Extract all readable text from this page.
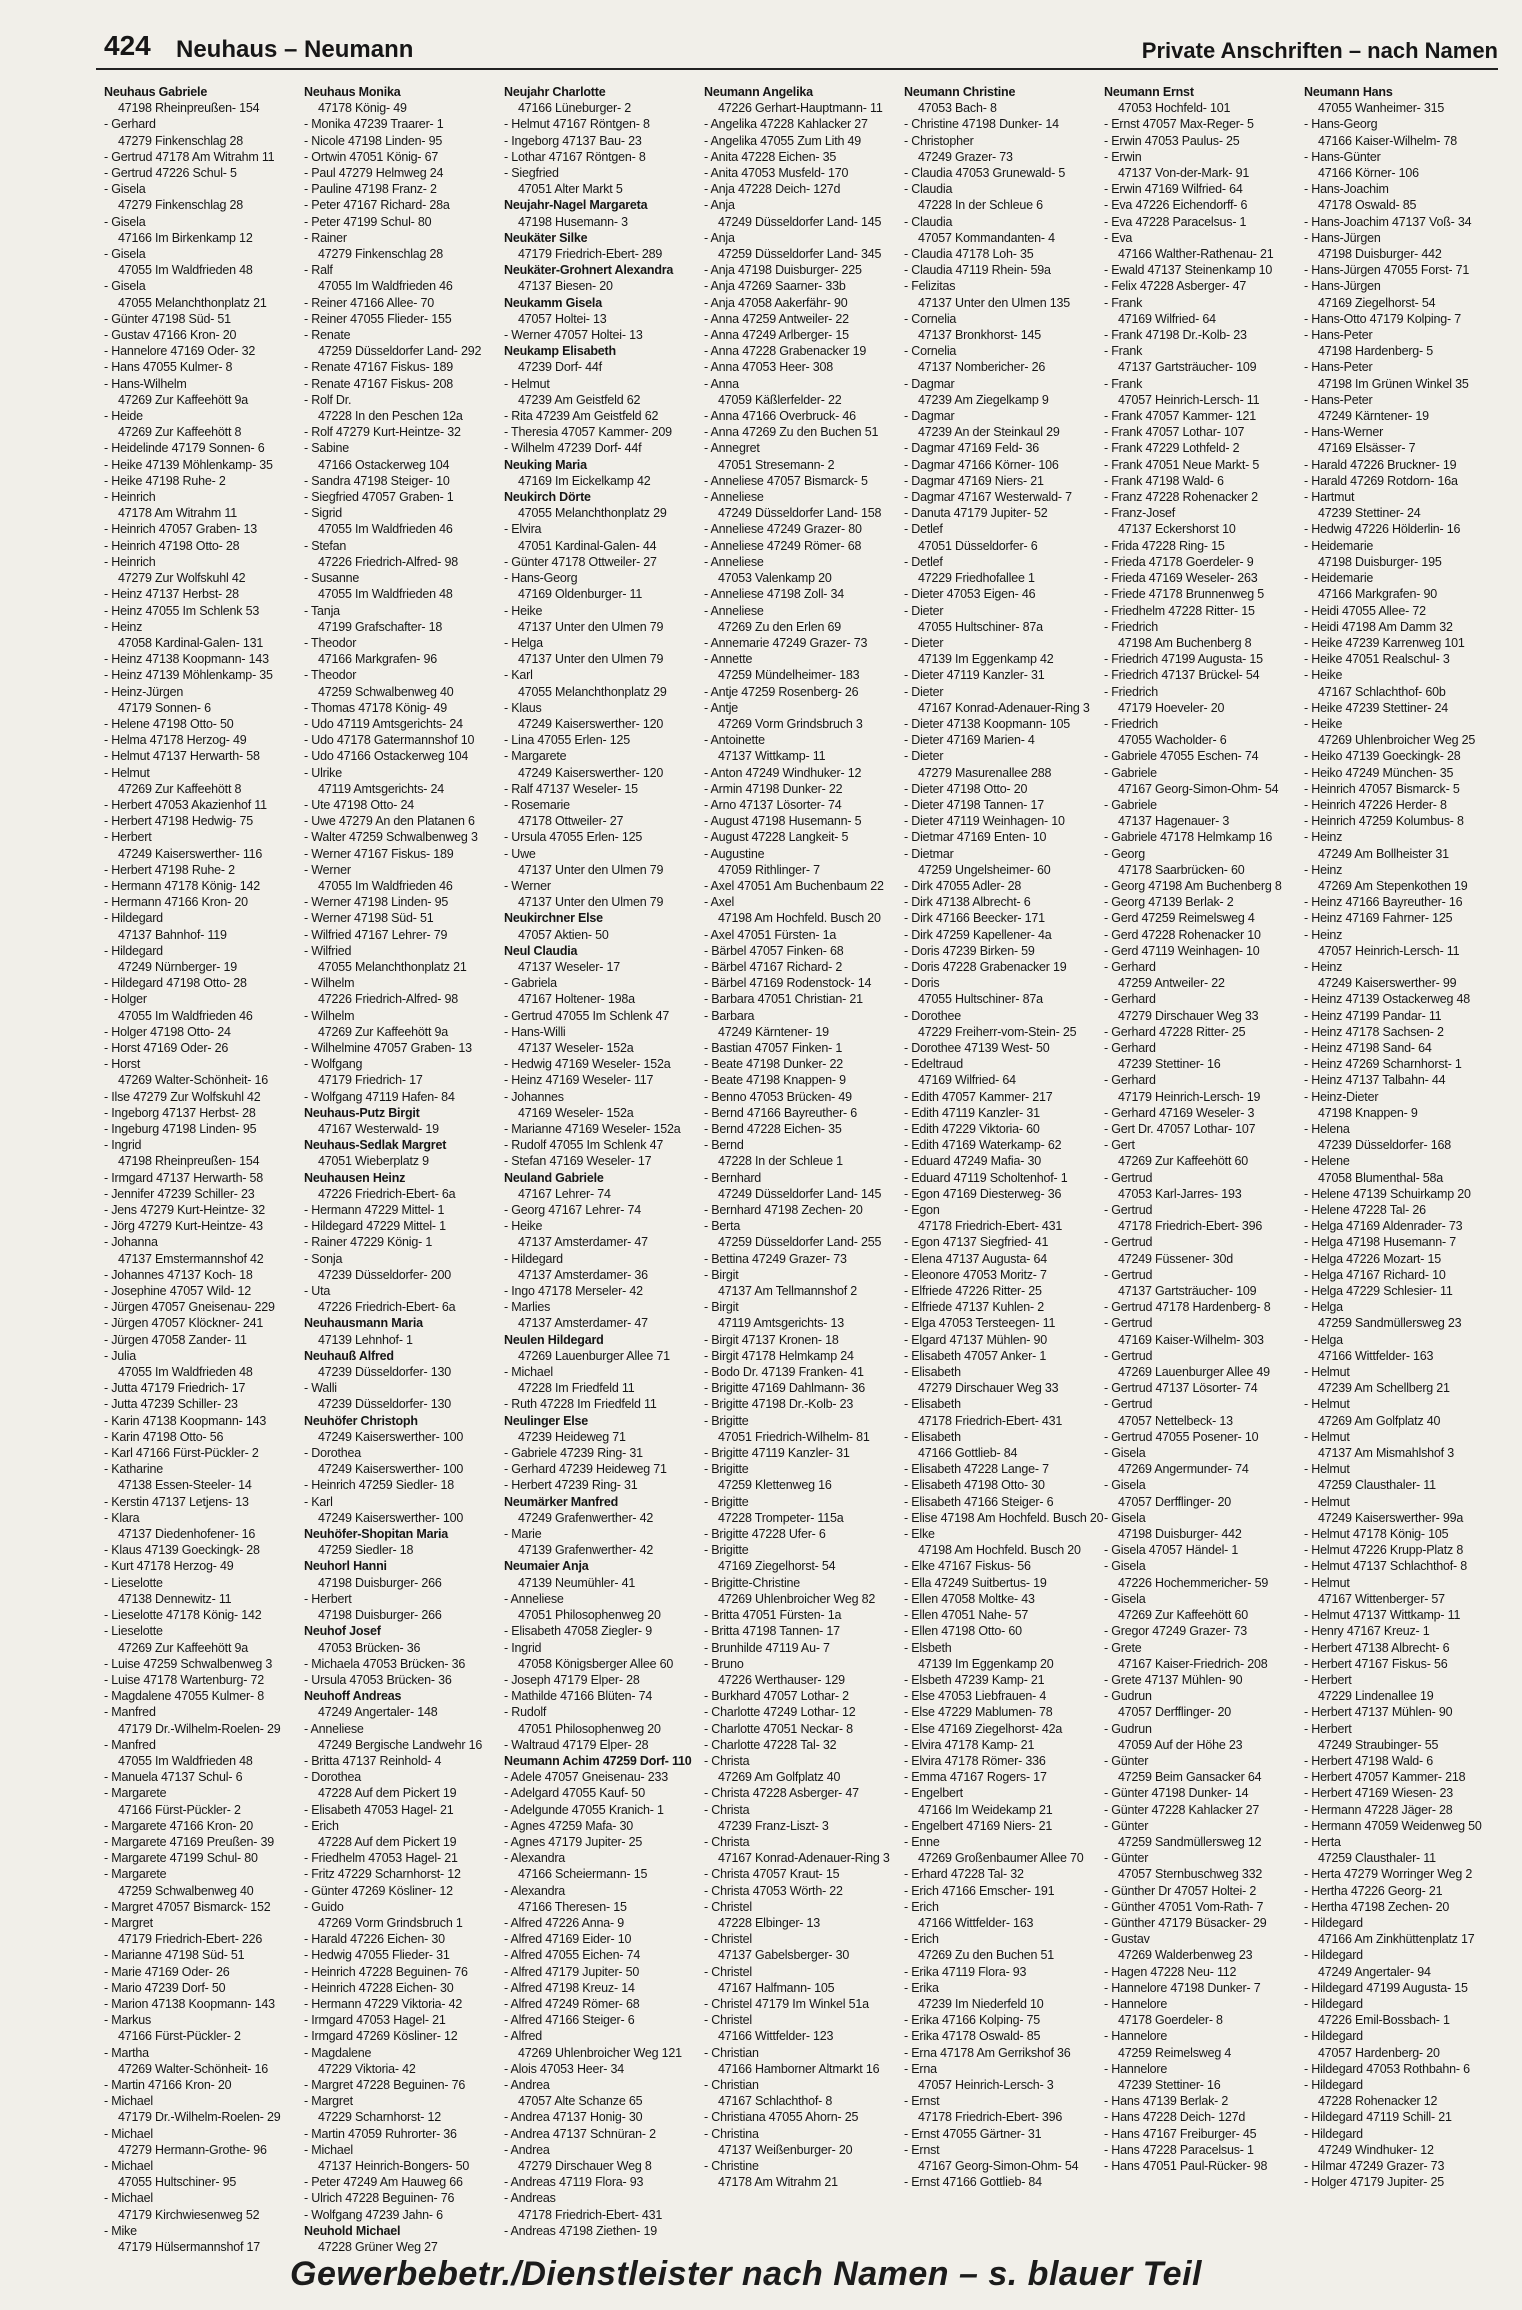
424 Neuhaus – Neumann	Private Anschriften – nach Namen
Neuhaus Gabriele
47198 Rheinpreußen- 154
- Gerhard
47279 Finkenschlag 28
- Gertrud 47178 Am Witrahm 11
- Gertrud 47226 Schul- 5
- Gisela
47279 Finkenschlag 28
- Gisela
47166 Im Birkenkamp 12
- Gisela
47055 Im Waldfrieden 48
- Gisela
47055 Melanchthonplatz 21
- Günter 47198 Süd- 51
- Gustav 47166 Kron- 20
- Hannelore 47169 Oder- 32
- Hans 47055 Kulmer- 8
- Hans-Wilhelm
47269 Zur Kaffeehött 9a
- Heide
47269 Zur Kaffeehött 8
- Heidelinde 47179 Sonnen- 6
- Heike 47139 Möhlenkamp- 35
- Heike 47198 Ruhe- 2
- Heinrich
47178 Am Witrahm 11
- Heinrich 47057 Graben- 13
- Heinrich 47198 Otto- 28
- Heinrich
47279 Zur Wolfskuhl 42
- Heinz 47137 Herbst- 28
- Heinz 47055 Im Schlenk 53
- Heinz
47058 Kardinal-Galen- 131
- Heinz 47138 Koopmann- 143
- Heinz 47139 Möhlenkamp- 35
- Heinz-Jürgen
47179 Sonnen- 6
- Helene 47198 Otto- 50
- Helma 47178 Herzog- 49
- Helmut 47137 Herwarth- 58
- Helmut
47269 Zur Kaffeehött 8
- Herbert 47053 Akazienhof 11
- Herbert 47198 Hedwig- 75
- Herbert
47249 Kaiserswerther- 116
- Herbert 47198 Ruhe- 2
- Hermann 47178 König- 142
- Hermann 47166 Kron- 20
- Hildegard
47137 Bahnhof- 119
- Hildegard
47249 Nürnberger- 19
- Hildegard 47198 Otto- 28
- Holger
47055 Im Waldfrieden 46
- Holger 47198 Otto- 24
- Horst 47169 Oder- 26
- Horst
47269 Walter-Schönheit- 16
- Ilse 47279 Zur Wolfskuhl 42
- Ingeborg 47137 Herbst- 28
- Ingeburg 47198 Linden- 95
- Ingrid
47198 Rheinpreußen- 154
- Irmgard 47137 Herwarth- 58
- Jennifer 47239 Schiller- 23
- Jens 47279 Kurt-Heintze- 32
- Jörg 47279 Kurt-Heintze- 43
- Johanna
47137 Emstermannshof 42
- Johannes 47137 Koch- 18
- Josephine 47057 Wild- 12
- Jürgen 47057 Gneisenau- 229
- Jürgen 47057 Klöckner- 241
- Jürgen 47058 Zander- 11
- Julia
47055 Im Waldfrieden 48
- Jutta 47179 Friedrich- 17
- Jutta 47239 Schiller- 23
- Karin 47138 Koopmann- 143
- Karin 47198 Otto- 56
- Karl 47166 Fürst-Pückler- 2
- Katharine
47138 Essen-Steeler- 14
- Kerstin 47137 Letjens- 13
- Klara
47137 Diedenhofener- 16
- Klaus 47139 Goeckingk- 28
- Kurt 47178 Herzog- 49
- Lieselotte
47138 Dennewitz- 11
- Lieselotte 47178 König- 142
- Lieselotte
47269 Zur Kaffeehött 9a
- Luise 47259 Schwalbenweg 3
- Luise 47178 Wartenburg- 72
- Magdalene 47055 Kulmer- 8
- Manfred
47179 Dr.-Wilhelm-Roelen- 29
- Manfred
47055 Im Waldfrieden 48
- Manuela 47137 Schul- 6
- Margarete
47166 Fürst-Pückler- 2
- Margarete 47166 Kron- 20
- Margarete 47169 Preußen- 39
- Margarete 47199 Schul- 80
- Margarete
47259 Schwalbenweg 40
- Margret 47057 Bismarck- 152
- Margret
47179 Friedrich-Ebert- 226
- Marianne 47198 Süd- 51
- Marie 47169 Oder- 26
- Mario 47239 Dorf- 50
- Marion 47138 Koopmann- 143
- Markus
47166 Fürst-Pückler- 2
- Martha
47269 Walter-Schönheit- 16
- Martin 47166 Kron- 20
- Michael
47179 Dr.-Wilhelm-Roelen- 29
- Michael
47279 Hermann-Grothe- 96
- Michael
47055 Hultschiner- 95
- Michael
47179 Kirchwiesenweg 52
- Mike
47179 Hülsermannshof 17
Neuhaus Monika
47178 König- 49
- Monika 47239 Traarer- 1
- Nicole 47198 Linden- 95
- Ortwin 47051 König- 67
- Paul 47279 Helmweg 24
- Pauline 47198 Franz- 2
- Peter 47167 Richard- 28a
- Peter 47199 Schul- 80
- Rainer
47279 Finkenschlag 28
- Ralf
47055 Im Waldfrieden 46
- Reiner 47166 Allee- 70
- Reiner 47055 Flieder- 155
- Renate
47259 Düsseldorfer Land- 292
- Renate 47167 Fiskus- 189
- Renate 47167 Fiskus- 208
- Rolf Dr.
47228 In den Peschen 12a
- Rolf 47279 Kurt-Heintze- 32
- Sabine
47166 Ostackerweg 104
- Sandra 47198 Steiger- 10
- Siegfried 47057 Graben- 1
- Sigrid
47055 Im Waldfrieden 46
- Stefan
47226 Friedrich-Alfred- 98
- Susanne
47055 Im Waldfrieden 48
- Tanja
47199 Grafschafter- 18
- Theodor
47166 Markgrafen- 96
- Theodor
47259 Schwalbenweg 40
- Thomas 47178 König- 49
- Udo 47119 Amtsgerichts- 24
- Udo 47178 Gatermannshof 10
- Udo 47166 Ostackerweg 104
- Ulrike
47119 Amtsgerichts- 24
- Ute 47198 Otto- 24
- Uwe 47279 An den Platanen 6
- Walter 47259 Schwalbenweg 3
- Werner 47167 Fiskus- 189
- Werner
47055 Im Waldfrieden 46
- Werner 47198 Linden- 95
- Werner 47198 Süd- 51
- Wilfried 47167 Lehrer- 79
- Wilfried
47055 Melanchthonplatz 21
- Wilhelm
47226 Friedrich-Alfred- 98
- Wilhelm
47269 Zur Kaffeehött 9a
- Wilhelmine 47057 Graben- 13
- Wolfgang
47179 Friedrich- 17
- Wolfgang 47119 Hafen- 84
Neuhaus-Putz Birgit
47167 Westerwald- 19
Neuhaus-Sedlak Margret
47051 Wieberplatz 9
Neuhausen Heinz
47226 Friedrich-Ebert- 6a
- Hermann 47229 Mittel- 1
- Hildegard 47229 Mittel- 1
- Rainer 47229 König- 1
- Sonja
47239 Düsseldorfer- 200
- Uta
47226 Friedrich-Ebert- 6a
Neuhausmann Maria
47139 Lehnhof- 1
Neuhauß Alfred
47239 Düsseldorfer- 130
- Walli
47239 Düsseldorfer- 130
Neuhöfer Christoph
47249 Kaiserswerther- 100
- Dorothea
47249 Kaiserswerther- 100
- Heinrich 47259 Siedler- 18
- Karl
47249 Kaiserswerther- 100
Neuhöfer-Shopitan Maria
47259 Siedler- 18
Neuhorl Hanni
47198 Duisburger- 266
- Herbert
47198 Duisburger- 266
Neuhof Josef
47053 Brücken- 36
- Michaela 47053 Brücken- 36
- Ursula 47053 Brücken- 36
Neuhoff Andreas
47249 Angertaler- 148
- Anneliese
47249 Bergische Landwehr 16
- Britta 47137 Reinhold- 4
- Dorothea
47228 Auf dem Pickert 19
- Elisabeth 47053 Hagel- 21
- Erich
47228 Auf dem Pickert 19
- Friedhelm 47053 Hagel- 21
- Fritz 47229 Scharnhorst- 12
- Günter 47269 Kösliner- 12
- Guido
47269 Vorm Grindsbruch 1
- Harald 47226 Eichen- 30
- Hedwig 47055 Flieder- 31
- Heinrich 47228 Beguinen- 76
- Heinrich 47228 Eichen- 30
- Hermann 47229 Viktoria- 42
- Irmgard 47053 Hagel- 21
- Irmgard 47269 Kösliner- 12
- Magdalene
47229 Viktoria- 42
- Margret 47228 Beguinen- 76
- Margret
47229 Scharnhorst- 12
- Martin 47059 Ruhrorter- 36
- Michael
47137 Heinrich-Bongers- 50
- Peter 47249 Am Hauweg 66
- Ulrich 47228 Beguinen- 76
- Wolfgang 47239 Jahn- 6
Neuhold Michael
47228 Grüner Weg 27
Neujahr Charlotte
47166 Lüneburger- 2
- Helmut 47167 Röntgen- 8
- Ingeborg 47137 Bau- 23
- Lothar 47167 Röntgen- 8
- Siegfried
47051 Alter Markt 5
Neujahr-Nagel Margareta
47198 Husemann- 3
Neukäter Silke
47179 Friedrich-Ebert- 289
Neukäter-Grohnert Alexandra
47137 Biesen- 20
Neukamm Gisela
47057 Holtei- 13
- Werner 47057 Holtei- 13
Neukamp Elisabeth
47239 Dorf- 44f
- Helmut
47239 Am Geistfeld 62
- Rita 47239 Am Geistfeld 62
- Theresia 47057 Kammer- 209
- Wilhelm 47239 Dorf- 44f
Neuking Maria
47169 Im Eickelkamp 42
Neukirch Dörte
47055 Melanchthonplatz 29
- Elvira
47051 Kardinal-Galen- 44
- Günter 47178 Ottweiler- 27
- Hans-Georg
47169 Oldenburger- 11
- Heike
47137 Unter den Ulmen 79
- Helga
47137 Unter den Ulmen 79
- Karl
47055 Melanchthonplatz 29
- Klaus
47249 Kaiserswerther- 120
- Lina 47055 Erlen- 125
- Margarete
47249 Kaiserswerther- 120
- Ralf 47137 Weseler- 15
- Rosemarie
47178 Ottweiler- 27
- Ursula 47055 Erlen- 125
- Uwe
47137 Unter den Ulmen 79
- Werner
47137 Unter den Ulmen 79
Neukirchner Else
47057 Aktien- 50
Neul Claudia
47137 Weseler- 17
- Gabriela
47167 Holtener- 198a
- Gertrud 47055 Im Schlenk 47
- Hans-Willi
47137 Weseler- 152a
- Hedwig 47169 Weseler- 152a
- Heinz 47169 Weseler- 117
- Johannes
47169 Weseler- 152a
- Marianne 47169 Weseler- 152a
- Rudolf 47055 Im Schlenk 47
- Stefan 47169 Weseler- 17
Neuland Gabriele
47167 Lehrer- 74
- Georg 47167 Lehrer- 74
- Heike
47137 Amsterdamer- 47
- Hildegard
47137 Amsterdamer- 36
- Ingo 47178 Merseler- 42
- Marlies
47137 Amsterdamer- 47
Neulen Hildegard
47269 Lauenburger Allee 71
- Michael
47228 Im Friedfeld 11
- Ruth 47228 Im Friedfeld 11
Neulinger Else
47239 Heideweg 71
- Gabriele 47239 Ring- 31
- Gerhard 47239 Heideweg 71
- Herbert 47239 Ring- 31
Neumärker Manfred
47249 Grafenwerther- 42
- Marie
47139 Grafenwerther- 42
Neumaier Anja
47139 Neumühler- 41
- Anneliese
47051 Philosophenweg 20
- Elisabeth 47058 Ziegler- 9
- Ingrid
47058 Königsberger Allee 60
- Joseph 47179 Elper- 28
- Mathilde 47166 Blüten- 74
- Rudolf
47051 Philosophenweg 20
- Waltraud 47179 Elper- 28
Neumann Achim 47259 Dorf- 110
- Adele 47057 Gneisenau- 233
- Adelgard 47055 Kauf- 50
- Adelgunde 47055 Kranich- 1
- Agnes 47259 Mafa- 30
- Agnes 47179 Jupiter- 25
- Alexandra
47166 Scheiermann- 15
- Alexandra
47166 Theresen- 15
- Alfred 47226 Anna- 9
- Alfred 47169 Eider- 10
- Alfred 47055 Eichen- 74
- Alfred 47179 Jupiter- 50
- Alfred 47198 Kreuz- 14
- Alfred 47249 Römer- 68
- Alfred 47166 Steiger- 6
- Alfred
47269 Uhlenbroicher Weg 121
- Alois 47053 Heer- 34
- Andrea
47057 Alte Schanze 65
- Andrea 47137 Honig- 30
- Andrea 47137 Schnüran- 2
- Andrea
47279 Dirschauer Weg 8
- Andreas 47119 Flora- 93
- Andreas
47178 Friedrich-Ebert- 431
- Andreas 47198 Ziethen- 19
Neumann Angelika
47226 Gerhart-Hauptmann- 11
- Angelika 47228 Kahlacker 27
- Angelika 47055 Zum Lith 49
- Anita 47228 Eichen- 35
- Anita 47053 Musfeld- 170
- Anja 47228 Deich- 127d
- Anja
47249 Düsseldorfer Land- 145
- Anja
47259 Düsseldorfer Land- 345
- Anja 47198 Duisburger- 225
- Anja 47269 Saarner- 33b
- Anja 47058 Aakerfähr- 90
- Anna 47259 Antweiler- 22
- Anna 47249 Arlberger- 15
- Anna 47228 Grabenacker 19
- Anna 47053 Heer- 308
- Anna
47059 Käßlerfelder- 22
- Anna 47166 Overbruck- 46
- Anna 47269 Zu den Buchen 51
- Annegret
47051 Stresemann- 2
- Anneliese 47057 Bismarck- 5
- Anneliese
47249 Düsseldorfer Land- 158
- Anneliese 47249 Grazer- 80
- Anneliese 47249 Römer- 68
- Anneliese
47053 Valenkamp 20
- Anneliese 47198 Zoll- 34
- Anneliese
47269 Zu den Erlen 69
- Annemarie 47249 Grazer- 73
- Annette
47259 Mündelheimer- 183
- Antje 47259 Rosenberg- 26
- Antje
47269 Vorm Grindsbruch 3
- Antoinette
47137 Wittkamp- 11
- Anton 47249 Windhuker- 12
- Armin 47198 Dunker- 22
- Arno 47137 Lösorter- 74
- August 47198 Husemann- 5
- August 47228 Langkeit- 5
- Augustine
47059 Rithlinger- 7
- Axel 47051 Am Buchenbaum 22
- Axel
47198 Am Hochfeld. Busch 20
- Axel 47051 Fürsten- 1a
- Bärbel 47057 Finken- 68
- Bärbel 47167 Richard- 2
- Bärbel 47169 Rodenstock- 14
- Barbara 47051 Christian- 21
- Barbara
47249 Kärntener- 19
- Bastian 47057 Finken- 1
- Beate 47198 Dunker- 22
- Beate 47198 Knappen- 9
- Benno 47053 Brücken- 49
- Bernd 47166 Bayreuther- 6
- Bernd 47228 Eichen- 35
- Bernd
47228 In der Schleue 1
- Bernhard
47249 Düsseldorfer Land- 145
- Bernhard 47198 Zechen- 20
- Berta
47259 Düsseldorfer Land- 255
- Bettina 47249 Grazer- 73
- Birgit
47137 Am Tellmannshof 2
- Birgit
47119 Amtsgerichts- 13
- Birgit 47137 Kronen- 18
- Birgit 47178 Helmkamp 24
- Bodo Dr. 47139 Franken- 41
- Brigitte 47169 Dahlmann- 36
- Brigitte 47198 Dr.-Kolb- 23
- Brigitte
47051 Friedrich-Wilhelm- 81
- Brigitte 47119 Kanzler- 31
- Brigitte
47259 Klettenweg 16
- Brigitte
47228 Trompeter- 115a
- Brigitte 47228 Ufer- 6
- Brigitte
47169 Ziegelhorst- 54
- Brigitte-Christine
47269 Uhlenbroicher Weg 82
- Britta 47051 Fürsten- 1a
- Britta 47198 Tannen- 17
- Brunhilde 47119 Au- 7
- Bruno
47226 Werthauser- 129
- Burkhard 47057 Lothar- 2
- Charlotte 47249 Lothar- 12
- Charlotte 47051 Neckar- 8
- Charlotte 47228 Tal- 32
- Christa
47269 Am Golfplatz 40
- Christa 47228 Asberger- 47
- Christa
47239 Franz-Liszt- 3
- Christa
47167 Konrad-Adenauer-Ring 3
- Christa 47057 Kraut- 15
- Christa 47053 Wörth- 22
- Christel
47228 Elbinger- 13
- Christel
47137 Gabelsberger- 30
- Christel
47167 Halfmann- 105
- Christel 47179 Im Winkel 51a
- Christel
47166 Wittfelder- 123
- Christian
47166 Hamborner Altmarkt 16
- Christian
47167 Schlachthof- 8
- Christiana 47055 Ahorn- 25
- Christina
47137 Weißenburger- 20
- Christine
47178 Am Witrahm 21
Neumann Christine
47053 Bach- 8
- Christine 47198 Dunker- 14
- Christopher
47249 Grazer- 73
- Claudia 47053 Grunewald- 5
- Claudia
47228 In der Schleue 6
- Claudia
47057 Kommandanten- 4
- Claudia 47178 Loh- 35
- Claudia 47119 Rhein- 59a
- Felizitas
47137 Unter den Ulmen 135
- Cornelia
47137 Bronkhorst- 145
- Cornelia
47137 Nombericher- 26
- Dagmar
47239 Am Ziegelkamp 9
- Dagmar
47239 An der Steinkaul 29
- Dagmar 47169 Feld- 36
- Dagmar 47166 Körner- 106
- Dagmar 47169 Niers- 21
- Dagmar 47167 Westerwald- 7
- Danuta 47179 Jupiter- 52
- Detlef
47051 Düsseldorfer- 6
- Detlef
47229 Friedhofallee 1
- Dieter 47053 Eigen- 46
- Dieter
47055 Hultschiner- 87a
- Dieter
47139 Im Eggenkamp 42
- Dieter 47119 Kanzler- 31
- Dieter
47167 Konrad-Adenauer-Ring 3
- Dieter 47138 Koopmann- 105
- Dieter 47169 Marien- 4
- Dieter
47279 Masurenallee 288
- Dieter 47198 Otto- 20
- Dieter 47198 Tannen- 17
- Dieter 47119 Weinhagen- 10
- Dietmar 47169 Enten- 10
- Dietmar
47259 Ungelsheimer- 60
- Dirk 47055 Adler- 28
- Dirk 47138 Albrecht- 6
- Dirk 47166 Beecker- 171
- Dirk 47259 Kapellener- 4a
- Doris 47239 Birken- 59
- Doris 47228 Grabenacker 19
- Doris
47055 Hultschiner- 87a
- Dorothee
47229 Freiherr-vom-Stein- 25
- Dorothee 47139 West- 50
- Edeltraud
47169 Wilfried- 64
- Edith 47057 Kammer- 217
- Edith 47119 Kanzler- 31
- Edith 47229 Viktoria- 60
- Edith 47169 Waterkamp- 62
- Eduard 47249 Mafia- 30
- Eduard 47119 Scholtenhof- 1
- Egon 47169 Diesterweg- 36
- Egon
47178 Friedrich-Ebert- 431
- Egon 47137 Siegfried- 41
- Elena 47137 Augusta- 64
- Eleonore 47053 Moritz- 7
- Elfriede 47226 Ritter- 25
- Elfriede 47137 Kuhlen- 2
- Elga 47053 Tersteegen- 11
- Elgard 47137 Mühlen- 90
- Elisabeth 47057 Anker- 1
- Elisabeth
47279 Dirschauer Weg 33
- Elisabeth
47178 Friedrich-Ebert- 431
- Elisabeth
47166 Gottlieb- 84
- Elisabeth 47228 Lange- 7
- Elisabeth 47198 Otto- 30
- Elisabeth 47166 Steiger- 6
- Elise 47198 Am Hochfeld. Busch 20
- Elke
47198 Am Hochfeld. Busch 20
- Elke 47167 Fiskus- 56
- Ella 47249 Suitbertus- 19
- Ellen 47058 Moltke- 43
- Ellen 47051 Nahe- 57
- Ellen 47198 Otto- 60
- Elsbeth
47139 Im Eggenkamp 20
- Elsbeth 47239 Kamp- 21
- Else 47053 Liebfrauen- 4
- Else 47229 Mablumen- 78
- Else 47169 Ziegelhorst- 42a
- Elvira 47178 Kamp- 21
- Elvira 47178 Römer- 336
- Emma 47167 Rogers- 17
- Engelbert
47166 Im Weidekamp 21
- Engelbert 47169 Niers- 21
- Enne
47269 Großenbaumer Allee 70
- Erhard 47228 Tal- 32
- Erich 47166 Emscher- 191
- Erich
47166 Wittfelder- 163
- Erich
47269 Zu den Buchen 51
- Erika 47119 Flora- 93
- Erika
47239 Im Niederfeld 10
- Erika 47166 Kolping- 75
- Erika 47178 Oswald- 85
- Erna 47178 Am Gerrikshof 36
- Erna
47057 Heinrich-Lersch- 3
- Ernst
47178 Friedrich-Ebert- 396
- Ernst 47055 Gärtner- 31
- Ernst
47167 Georg-Simon-Ohm- 54
- Ernst 47166 Gottlieb- 84
Neumann Ernst
47053 Hochfeld- 101
- Ernst 47057 Max-Reger- 5
- Erwin 47053 Paulus- 25
- Erwin
47137 Von-der-Mark- 91
- Erwin 47169 Wilfried- 64
- Eva 47226 Eichendorff- 6
- Eva 47228 Paracelsus- 1
- Eva
47166 Walther-Rathenau- 21
- Ewald 47137 Steinenkamp 10
- Felix 47228 Asberger- 47
- Frank
47169 Wilfried- 64
- Frank 47198 Dr.-Kolb- 23
- Frank
47137 Gartsträucher- 109
- Frank
47057 Heinrich-Lersch- 11
- Frank 47057 Kammer- 121
- Frank 47057 Lothar- 107
- Frank 47229 Lothfeld- 2
- Frank 47051 Neue Markt- 5
- Frank 47198 Wald- 6
- Franz 47228 Rohenacker 2
- Franz-Josef
47137 Eckershorst 10
- Frida 47228 Ring- 15
- Frieda 47178 Goerdeler- 9
- Frieda 47169 Weseler- 263
- Friede 47178 Brunnenweg 5
- Friedhelm 47228 Ritter- 15
- Friedrich
47198 Am Buchenberg 8
- Friedrich 47199 Augusta- 15
- Friedrich 47137 Brückel- 54
- Friedrich
47179 Hoeveler- 20
- Friedrich
47055 Wacholder- 6
- Gabriele 47055 Eschen- 74
- Gabriele
47167 Georg-Simon-Ohm- 54
- Gabriele
47137 Hagenauer- 3
- Gabriele 47178 Helmkamp 16
- Georg
47178 Saarbrücken- 60
- Georg 47198 Am Buchenberg 8
- Georg 47139 Berlak- 2
- Gerd 47259 Reimelsweg 4
- Gerd 47228 Rohenacker 10
- Gerd 47119 Weinhagen- 10
- Gerhard
47259 Antweiler- 22
- Gerhard
47279 Dirschauer Weg 33
- Gerhard 47228 Ritter- 25
- Gerhard
47239 Stettiner- 16
- Gerhard
47179 Heinrich-Lersch- 19
- Gerhard 47169 Weseler- 3
- Gert Dr. 47057 Lothar- 107
- Gert
47269 Zur Kaffeehött 60
- Gertrud
47053 Karl-Jarres- 193
- Gertrud
47178 Friedrich-Ebert- 396
- Gertrud
47249 Füssener- 30d
- Gertrud
47137 Gartsträucher- 109
- Gertrud 47178 Hardenberg- 8
- Gertrud
47169 Kaiser-Wilhelm- 303
- Gertrud
47269 Lauenburger Allee 49
- Gertrud 47137 Lösorter- 74
- Gertrud
47057 Nettelbeck- 13
- Gertrud 47055 Posener- 10
- Gisela
47269 Angermunder- 74
- Gisela
47057 Derfflinger- 20
- Gisela
47198 Duisburger- 442
- Gisela 47057 Händel- 1
- Gisela
47226 Hochemmericher- 59
- Gisela
47269 Zur Kaffeehött 60
- Gregor 47249 Grazer- 73
- Grete
47167 Kaiser-Friedrich- 208
- Grete 47137 Mühlen- 90
- Gudrun
47057 Derfflinger- 20
- Gudrun
47059 Auf der Höhe 23
- Günter
47259 Beim Gansacker 64
- Günter 47198 Dunker- 14
- Günter 47228 Kahlacker 27
- Günter
47259 Sandmüllersweg 12
- Günter
47057 Sternbuschweg 332
- Günther Dr 47057 Holtei- 2
- Günther 47051 Vom-Rath- 7
- Günther 47179 Büsacker- 29
- Gustav
47269 Walderbenweg 23
- Hagen 47228 Neu- 112
- Hannelore 47198 Dunker- 7
- Hannelore
47178 Goerdeler- 8
- Hannelore
47259 Reimelsweg 4
- Hannelore
47239 Stettiner- 16
- Hans 47139 Berlak- 2
- Hans 47228 Deich- 127d
- Hans 47167 Freiburger- 45
- Hans 47228 Paracelsus- 1
- Hans 47051 Paul-Rücker- 98
Neumann Hans
47055 Wanheimer- 315
- Hans-Georg
47166 Kaiser-Wilhelm- 78
- Hans-Günter
47166 Körner- 106
- Hans-Joachim
47178 Oswald- 85
- Hans-Joachim 47137 Voß- 34
- Hans-Jürgen
47198 Duisburger- 442
- Hans-Jürgen 47055 Forst- 71
- Hans-Jürgen
47169 Ziegelhorst- 54
- Hans-Otto 47179 Kolping- 7
- Hans-Peter
47198 Hardenberg- 5
- Hans-Peter
47198 Im Grünen Winkel 35
- Hans-Peter
47249 Kärntener- 19
- Hans-Werner
47169 Elsässer- 7
- Harald 47226 Bruckner- 19
- Harald 47269 Rotdorn- 16a
- Hartmut
47239 Stettiner- 24
- Hedwig 47226 Hölderlin- 16
- Heidemarie
47198 Duisburger- 195
- Heidemarie
47166 Markgrafen- 90
- Heidi 47055 Allee- 72
- Heidi 47198 Am Damm 32
- Heike 47239 Karrenweg 101
- Heike 47051 Realschul- 3
- Heike
47167 Schlachthof- 60b
- Heike 47239 Stettiner- 24
- Heike
47269 Uhlenbroicher Weg 25
- Heiko 47139 Goeckingk- 28
- Heiko 47249 München- 35
- Heinrich 47057 Bismarck- 5
- Heinrich 47226 Herder- 8
- Heinrich 47259 Kolumbus- 8
- Heinz
47249 Am Bollheister 31
- Heinz
47269 Am Stepenkothen 19
- Heinz 47166 Bayreuther- 16
- Heinz 47169 Fahrner- 125
- Heinz
47057 Heinrich-Lersch- 11
- Heinz
47249 Kaiserswerther- 99
- Heinz 47139 Ostackerweg 48
- Heinz 47199 Pandar- 11
- Heinz 47178 Sachsen- 2
- Heinz 47198 Sand- 64
- Heinz 47269 Scharnhorst- 1
- Heinz 47137 Talbahn- 44
- Heinz-Dieter
47198 Knappen- 9
- Helena
47239 Düsseldorfer- 168
- Helene
47058 Blumenthal- 58a
- Helene 47139 Schuirkamp 20
- Helene 47228 Tal- 26
- Helga 47169 Aldenrader- 73
- Helga 47198 Husemann- 7
- Helga 47226 Mozart- 15
- Helga 47167 Richard- 10
- Helga 47229 Schlesier- 11
- Helga
47259 Sandmüllersweg 23
- Helga
47166 Wittfelder- 163
- Helmut
47239 Am Schellberg 21
- Helmut
47269 Am Golfplatz 40
- Helmut
47137 Am Mismahlshof 3
- Helmut
47259 Clausthaler- 11
- Helmut
47249 Kaiserswerther- 99a
- Helmut 47178 König- 105
- Helmut 47226 Krupp-Platz 8
- Helmut 47137 Schlachthof- 8
- Helmut
47167 Wittenberger- 57
- Helmut 47137 Wittkamp- 11
- Henry 47167 Kreuz- 1
- Herbert 47138 Albrecht- 6
- Herbert 47167 Fiskus- 56
- Herbert
47229 Lindenallee 19
- Herbert 47137 Mühlen- 90
- Herbert
47249 Straubinger- 55
- Herbert 47198 Wald- 6
- Herbert 47057 Kammer- 218
- Herbert 47169 Wiesen- 23
- Hermann 47228 Jäger- 28
- Hermann 47059 Weidenweg 50
- Herta
47259 Clausthaler- 11
- Herta 47279 Worringer Weg 2
- Hertha 47226 Georg- 21
- Hertha 47198 Zechen- 20
- Hildegard
47166 Am Zinkhüttenplatz 17
- Hildegard
47249 Angertaler- 94
- Hildegard 47199 Augusta- 15
- Hildegard
47226 Emil-Bossbach- 1
- Hildegard
47057 Hardenberg- 20
- Hildegard 47053 Rothbahn- 6
- Hildegard
47228 Rohenacker 12
- Hildegard 47119 Schill- 21
- Hildegard
47249 Windhuker- 12
- Hilmar 47249 Grazer- 73
- Holger 47179 Jupiter- 25
Gewerbebetr./Dienstleister nach Namen – s. blauer Teil
